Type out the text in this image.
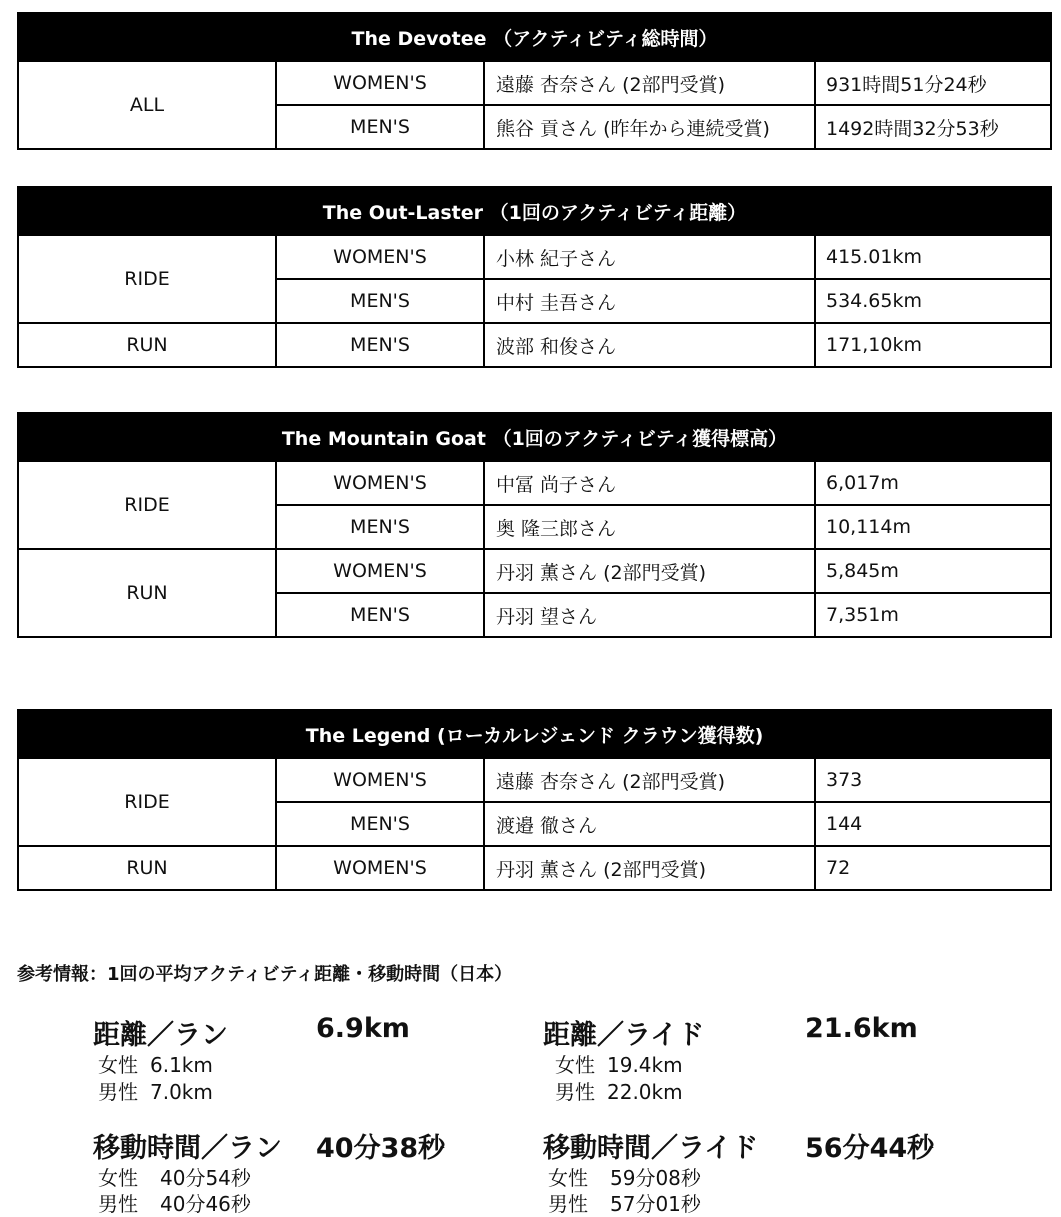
The Devotee （アクティビティ総時間）			
ALL	WOMEN'S	遠藤 杏奈さん (2部門受賞)	931時間51分24秒
	MEN'S	熊谷 貢さん (昨年から連続受賞)	1492時間32分53秒
The Out-Laster （1回のアクティビティ距離）			
RIDE	WOMEN'S	小林 紀子さん	415.01km
	MEN'S	中村 圭吾さん	534.65km
RUN	MEN'S	波部 和俊さん	171,10km
The Mountain Goat （1回のアクティビティ獲得標高）			
RIDE	WOMEN'S	中冨 尚子さん	6,017m
	MEN'S	奥 隆三郎さん	10,114m
RUN	WOMEN'S	丹羽 薫さん (2部門受賞)	5,845m
	MEN'S	丹羽 望さん	7,351m
The Legend (ローカルレジェンド クラウン獲得数)			
RIDE	WOMEN'S	遠藤 杏奈さん (2部門受賞)	373
	MEN'S	渡邉 徹さん	144
RUN	WOMEN'S	丹羽 薫さん (2部門受賞)	72
参考情報：1回の平均アクティビティ距離・移動時間（日本）
距離／ラン	6.9km
女性 6.1km
男性 7.0km
距離／ライド	21.6km
女性 19.4km
男性 22.0km
移動時間／ラン 40分38秒
女性 40分54秒
男性 40分46秒
移動時間／ライド 56分44秒
女性 59分08秒
男性 57分01秒
